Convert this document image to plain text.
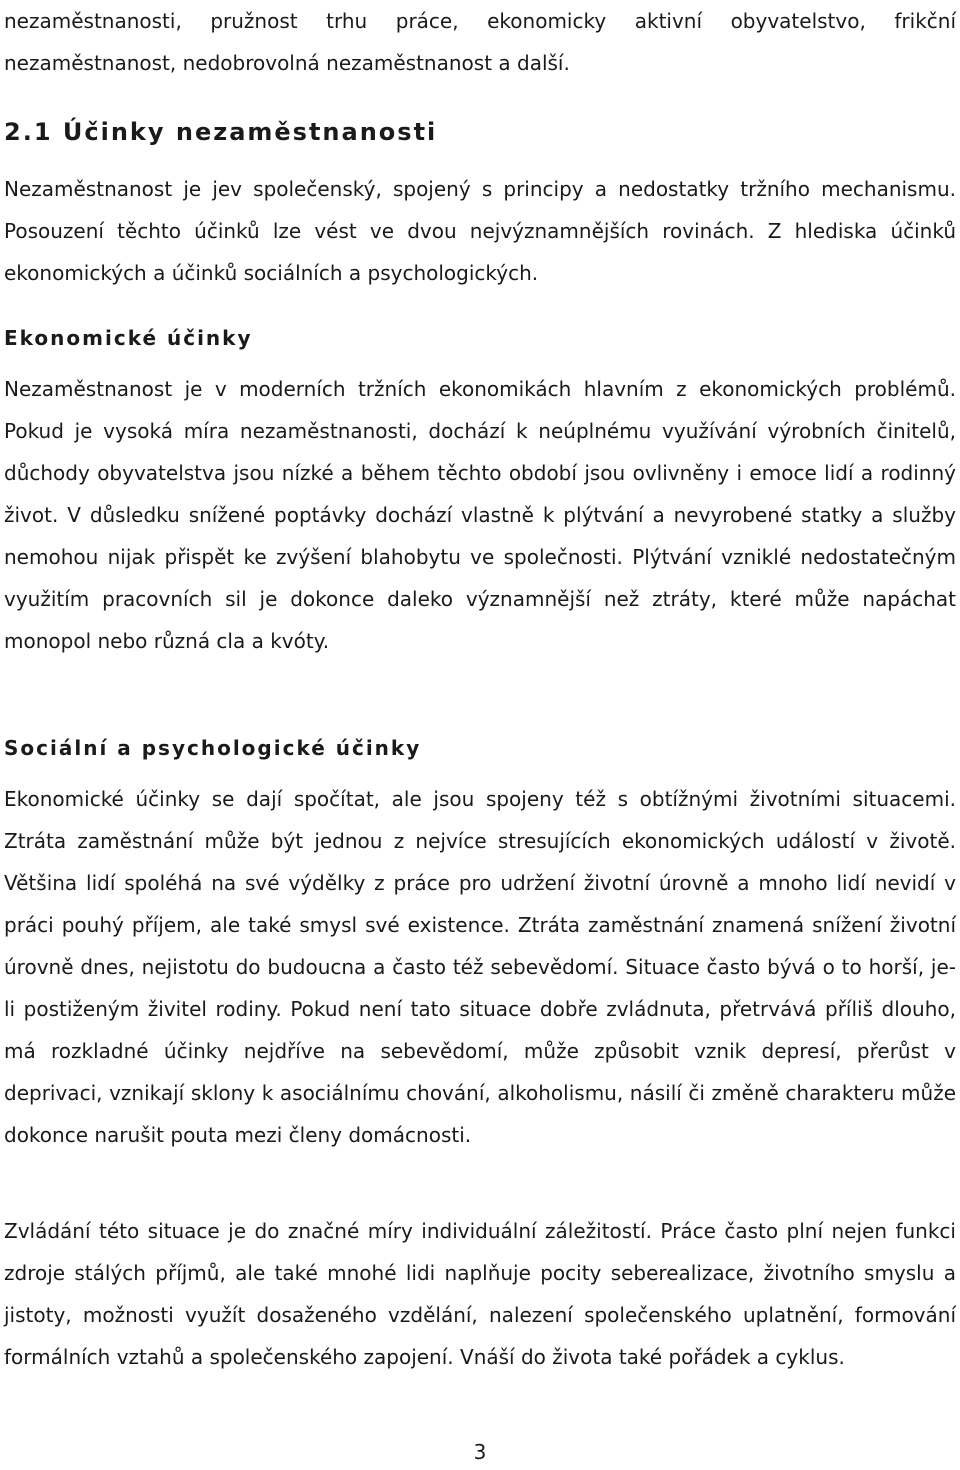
nezaměstnanosti, pružnost trhu práce, ekonomicky aktivní obyvatelstvo, frikční nezaměstnanost, nedobrovolná nezaměstnanost a další.

2.1 Účinky nezaměstnanosti

Nezaměstnanost je jev společenský, spojený s principy a nedostatky tržního mechanismu. Posouzení těchto účinků lze vést ve dvou nejvýznamnějších rovinách. Z hlediska účinků ekonomických a účinků sociálních a psychologických.

Ekonomické účinky

Nezaměstnanost je v moderních tržních ekonomikách hlavním z ekonomických problémů. Pokud je vysoká míra nezaměstnanosti, dochází k neúplnému využívání výrobních činitelů, důchody obyvatelstva jsou nízké a během těchto období jsou ovlivněny i emoce lidí a rodinný život. V důsledku snížené poptávky dochází vlastně k plýtvání a nevyrobené statky a služby nemohou nijak přispět ke zvýšení blahobytu ve společnosti. Plýtvání vzniklé nedostatečným využitím pracovních sil je dokonce daleko významnější než ztráty, které může napáchat monopol nebo různá cla a kvóty.

Sociální a psychologické účinky

Ekonomické účinky se dají spočítat, ale jsou spojeny též s obtížnými životními situacemi. Ztráta zaměstnání může být jednou z nejvíce stresujících ekonomických událostí v životě. Většina lidí spoléhá na své výdělky z práce pro udržení životní úrovně a mnoho lidí nevidí v práci pouhý příjem, ale také smysl své existence. Ztráta zaměstnání znamená snížení životní úrovně dnes, nejistotu do budoucna a často též sebevědomí. Situace často bývá o to horší, je-li postiženým živitel rodiny. Pokud není tato situace dobře zvládnuta, přetrvává příliš dlouho, má rozkladné účinky nejdříve na sebevědomí, může způsobit vznik depresí, přerůst v deprivaci, vznikají sklony k asociálnímu chování, alkoholismu, násilí či změně charakteru může dokonce narušit pouta mezi členy domácnosti.

Zvládání této situace je do značné míry individuální záležitostí. Práce často plní nejen funkci zdroje stálých příjmů, ale také mnohé lidi naplňuje pocity seberealizace, životního smyslu a jistoty, možnosti využít dosaženého vzdělání, nalezení společenského uplatnění, formování formálních vztahů a společenského zapojení. Vnáší do života také pořádek a cyklus.

3
